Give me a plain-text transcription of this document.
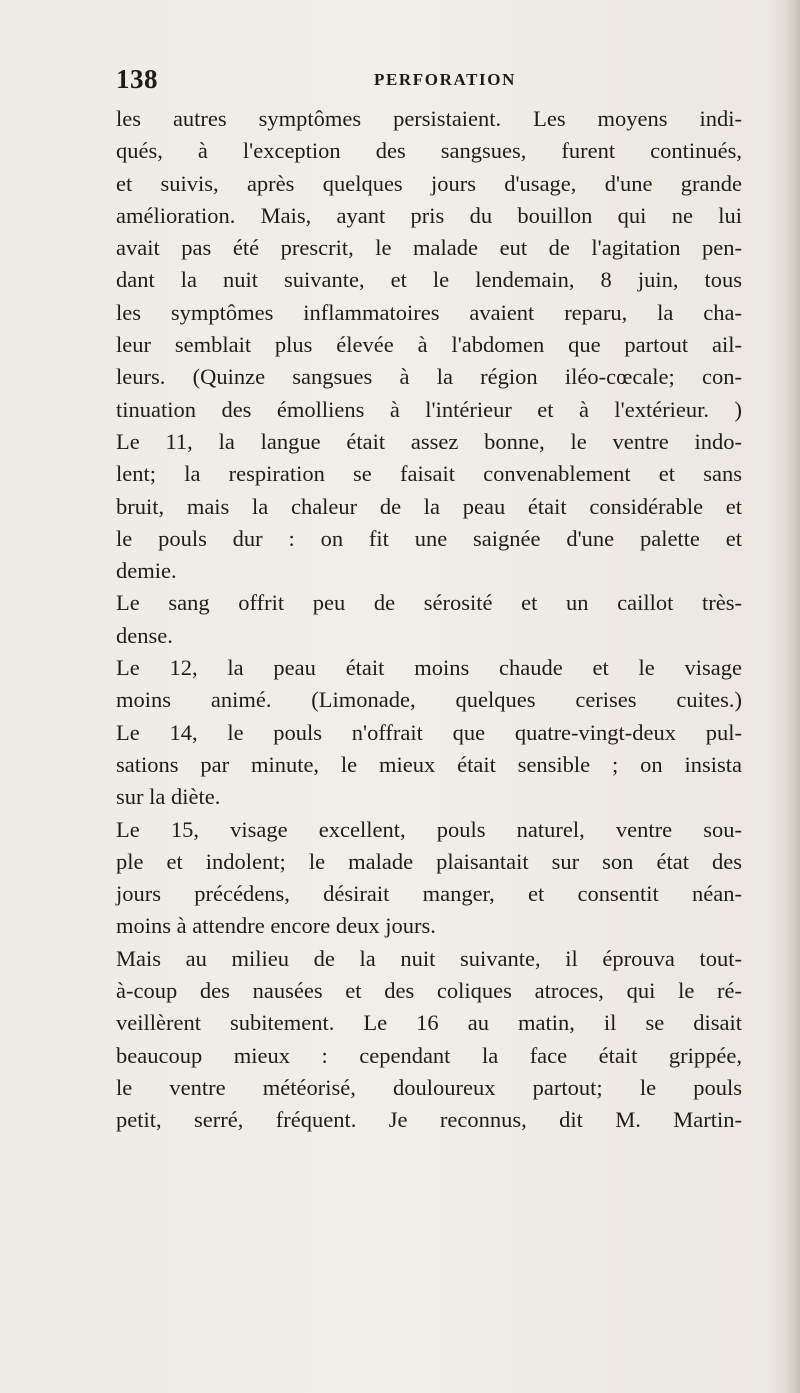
138	PERFORATION
les autres symptômes persistaient. Les moyens indi-
qués, à l'exception des sangsues, furent continués,
et suivis, après quelques jours d'usage, d'une grande
amélioration. Mais, ayant pris du bouillon qui ne lui
avait pas été prescrit, le malade eut de l'agitation pen-
dant la nuit suivante, et le lendemain, 8 juin, tous
les symptômes inflammatoires avaient reparu, la cha-
leur semblait plus élevée à l'abdomen que partout ail-
leurs. (Quinze sangsues à la région iléo-cœcale; con-
tinuation des émolliens à l'intérieur et à l'extérieur. )
Le 11, la langue était assez bonne, le ventre indo-
lent; la respiration se faisait convenablement et sans
bruit, mais la chaleur de la peau était considérable et
le pouls dur : on fit une saignée d'une palette et
demie.
Le sang offrit peu de sérosité et un caillot très-
dense.
Le 12, la peau était moins chaude et le visage
moins animé. (Limonade, quelques cerises cuites.)
Le 14, le pouls n'offrait que quatre-vingt-deux pul-
sations par minute, le mieux était sensible ; on insista
sur la diète.
Le 15, visage excellent, pouls naturel, ventre sou-
ple et indolent; le malade plaisantait sur son état des
jours précédens, désirait manger, et consentit néan-
moins à attendre encore deux jours.
Mais au milieu de la nuit suivante, il éprouva tout-
à-coup des nausées et des coliques atroces, qui le ré-
veillèrent subitement. Le 16 au matin, il se disait
beaucoup mieux : cependant la face était grippée,
le ventre météorisé, douloureux partout; le pouls
petit, serré, fréquent. Je reconnus, dit M. Martin-
